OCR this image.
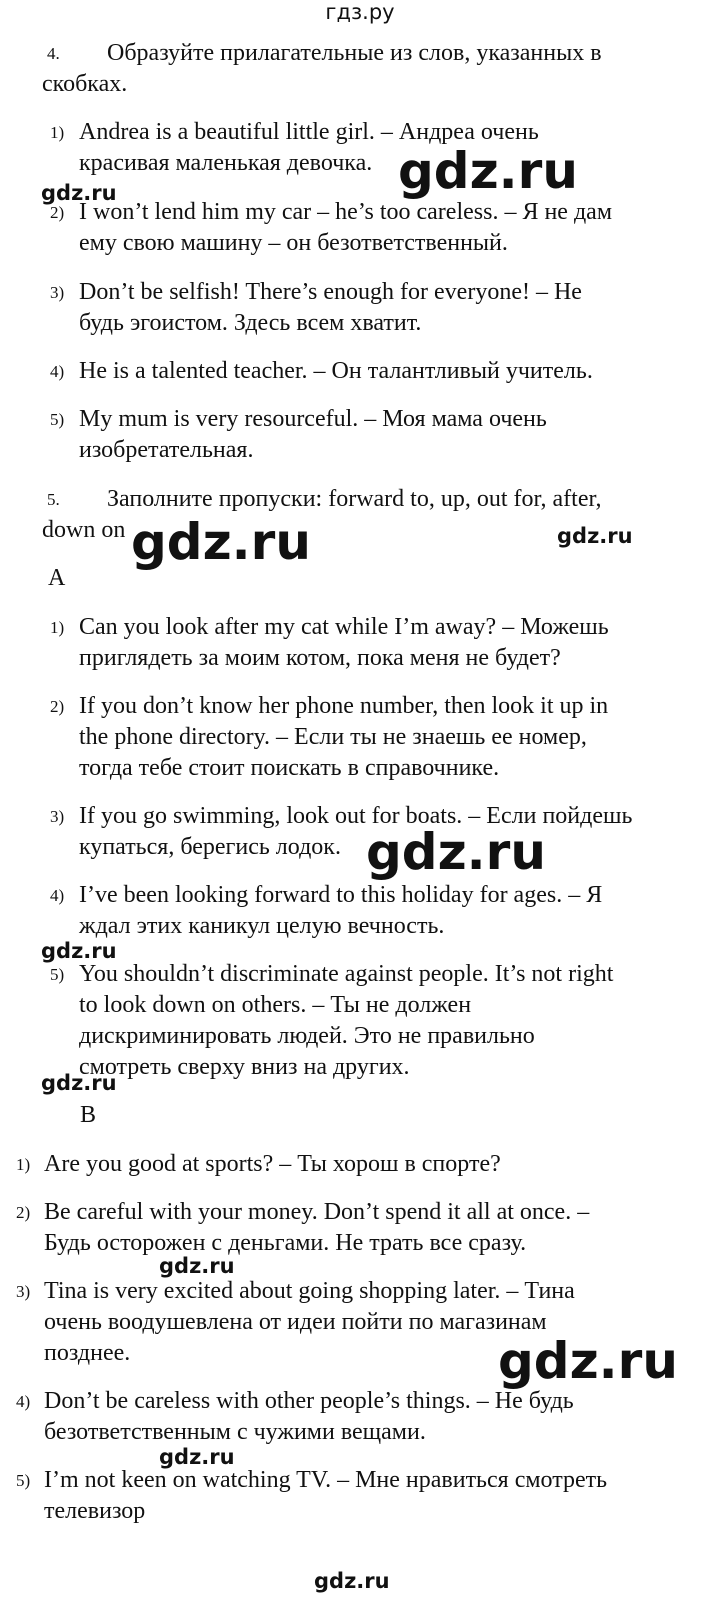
гдз.ру
4. Образуйте прилагательные из слов, указанных в
скобках.
1) Andrea is a beautiful little girl. – Андреа очень
красивая маленькая девочка.
2) I won’t lend him my car – he’s too careless. – Я не дам
ему свою машину – он безответственный.
3) Don’t be selfish! There’s enough for everyone! – Не
будь эгоистом. Здесь всем хватит.
4) He is a talented teacher. – Он талантливый учитель.
5) My mum is very resourceful. – Моя мама очень
изобретательная.
5. Заполните пропуски: forward to, up, out for, after,
down on
A
1) Can you look after my cat while I’m away? – Можешь
приглядеть за моим котом, пока меня не будет?
2) If you don’t know her phone number, then look it up in
the phone directory. – Если ты не знаешь ее номер,
тогда тебе стоит поискать в справочнике.
3) If you go swimming, look out for boats. – Если пойдешь
купаться, берегись лодок.
4) I’ve been looking forward to this holiday for ages. – Я
ждал этих каникул целую вечность.
5) You shouldn’t discriminate against people. It’s not right
to look down on others. – Ты не должен
дискриминировать людей. Это не правильно
смотреть сверху вниз на других.
B
1) Are you good at sports? – Ты хорош в спорте?
2) Be careful with your money. Don’t spend it all at once. –
Будь осторожен с деньгами. Не трать все сразу.
3) Tina is very excited about going shopping later. – Тина
очень воодушевлена от идеи пойти по магазинам
позднее.
4) Don’t be careless with other people’s things. – Не будь
безответственным с чужими вещами.
5) I’m not keen on watching TV. – Мне нравиться смотреть
телевизор
gdz.ru	gdz.ru
gdz.ru	gdz.ru
gdz.ru
gdz.ru
gdz.ru
gdz.ru
gdz.ru
gdz.ru
gdz.ru
